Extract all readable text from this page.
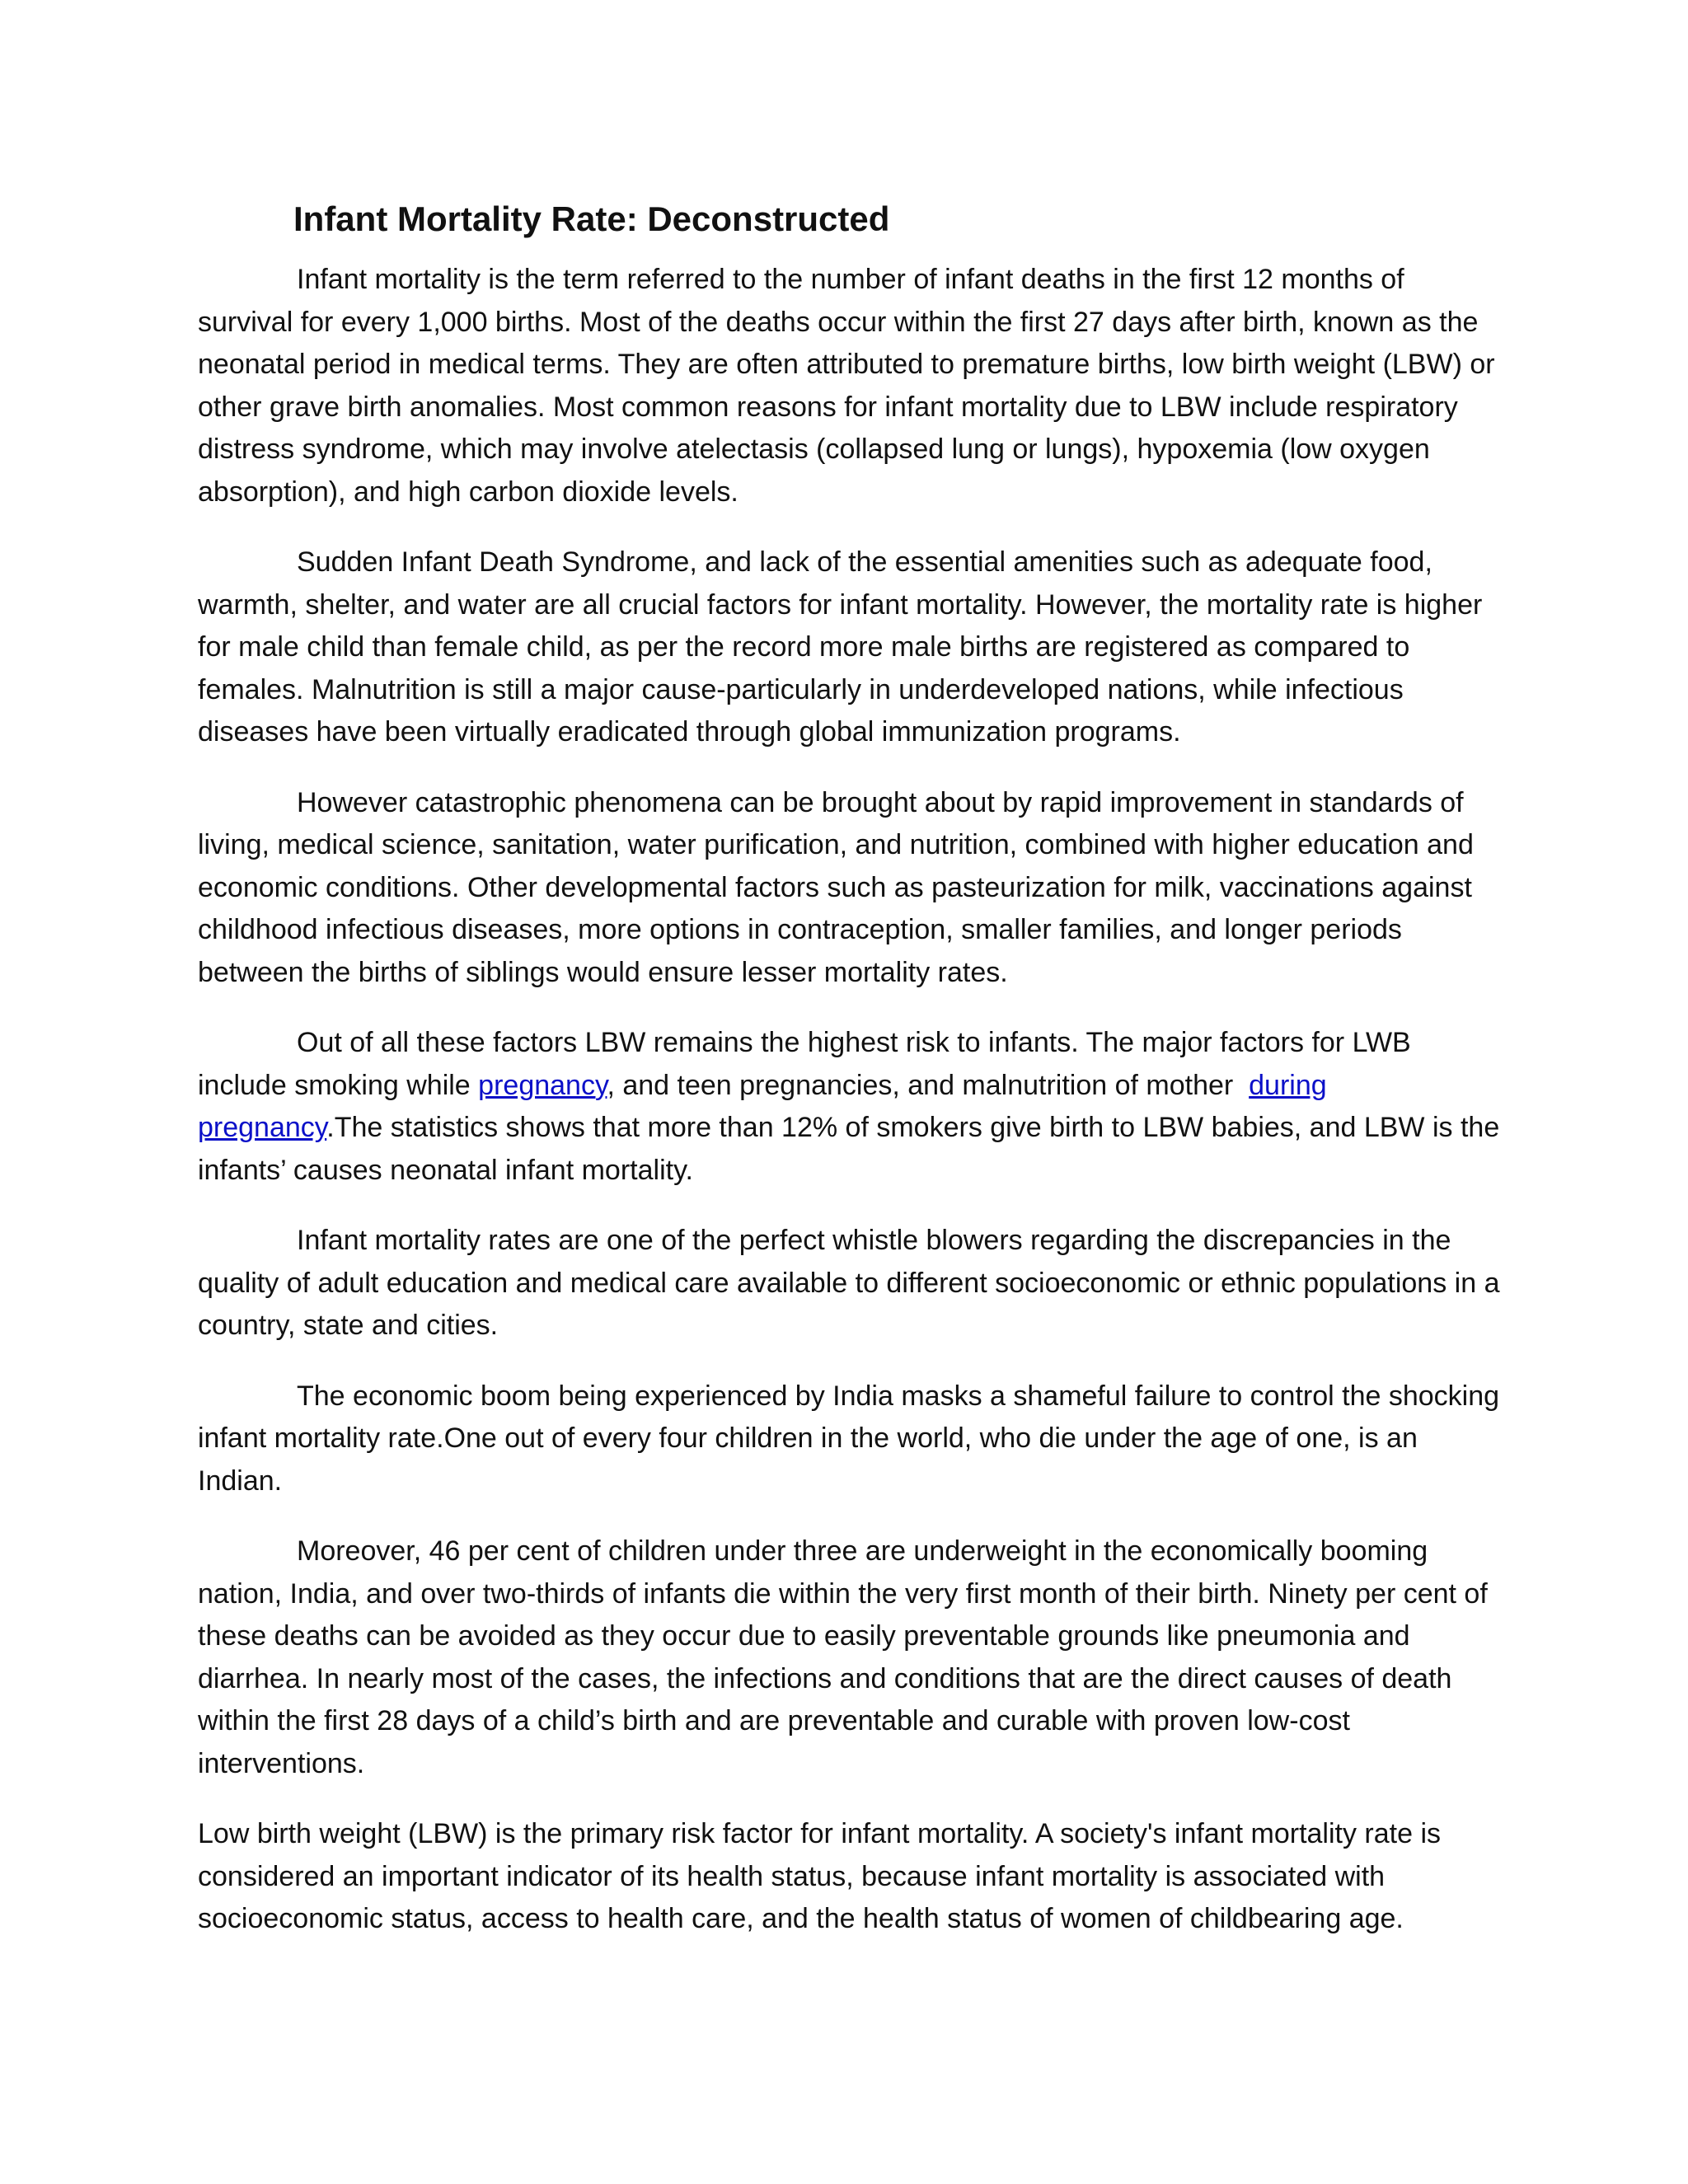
Infant Mortality Rate: Deconstructed

Infant mortality is the term referred to the number of infant deaths in the first 12 months of survival for every 1,000 births. Most of the deaths occur within the first 27 days after birth, known as the neonatal period in medical terms. They are often attributed to premature births, low birth weight (LBW) or other grave birth anomalies. Most common reasons for infant mortality due to LBW include respiratory distress syndrome, which may involve atelectasis (collapsed lung or lungs), hypoxemia (low oxygen absorption), and high carbon dioxide levels.

Sudden Infant Death Syndrome, and lack of the essential amenities such as adequate food, warmth, shelter, and water are all crucial factors for infant mortality. However, the mortality rate is higher for male child than female child, as per the record more male births are registered as compared to females. Malnutrition is still a major cause-particularly in underdeveloped nations, while infectious diseases have been virtually eradicated through global immunization programs.

However catastrophic phenomena can be brought about by rapid improvement in standards of living, medical science, sanitation, water purification, and nutrition, combined with higher education and economic conditions. Other developmental factors such as pasteurization for milk, vaccinations against childhood infectious diseases, more options in contraception, smaller families, and longer periods between the births of siblings would ensure lesser mortality rates.

Out of all these factors LBW remains the highest risk to infants. The major factors for LWB include smoking while pregnancy, and teen pregnancies, and malnutrition of mother  during pregnancy.The statistics shows that more than 12% of smokers give birth to LBW babies, and LBW is the infants’ causes neonatal infant mortality.

Infant mortality rates are one of the perfect whistle blowers regarding the discrepancies in the quality of adult education and medical care available to different socioeconomic or ethnic populations in a country, state and cities.

The economic boom being experienced by India masks a shameful failure to control the shocking infant mortality rate.One out of every four children in the world, who die under the age of one, is an Indian.

Moreover, 46 per cent of children under three are underweight in the economically booming nation, India, and over two-thirds of infants die within the very first month of their birth. Ninety per cent of these deaths can be avoided as they occur due to easily preventable grounds like pneumonia and diarrhea. In nearly most of the cases, the infections and conditions that are the direct causes of death within the first 28 days of a child’s birth and are preventable and curable with proven low-cost interventions.

Low birth weight (LBW) is the primary risk factor for infant mortality. A society's infant mortality rate is considered an important indicator of its health status, because infant mortality is associated with socioeconomic status, access to health care, and the health status of women of childbearing age.
